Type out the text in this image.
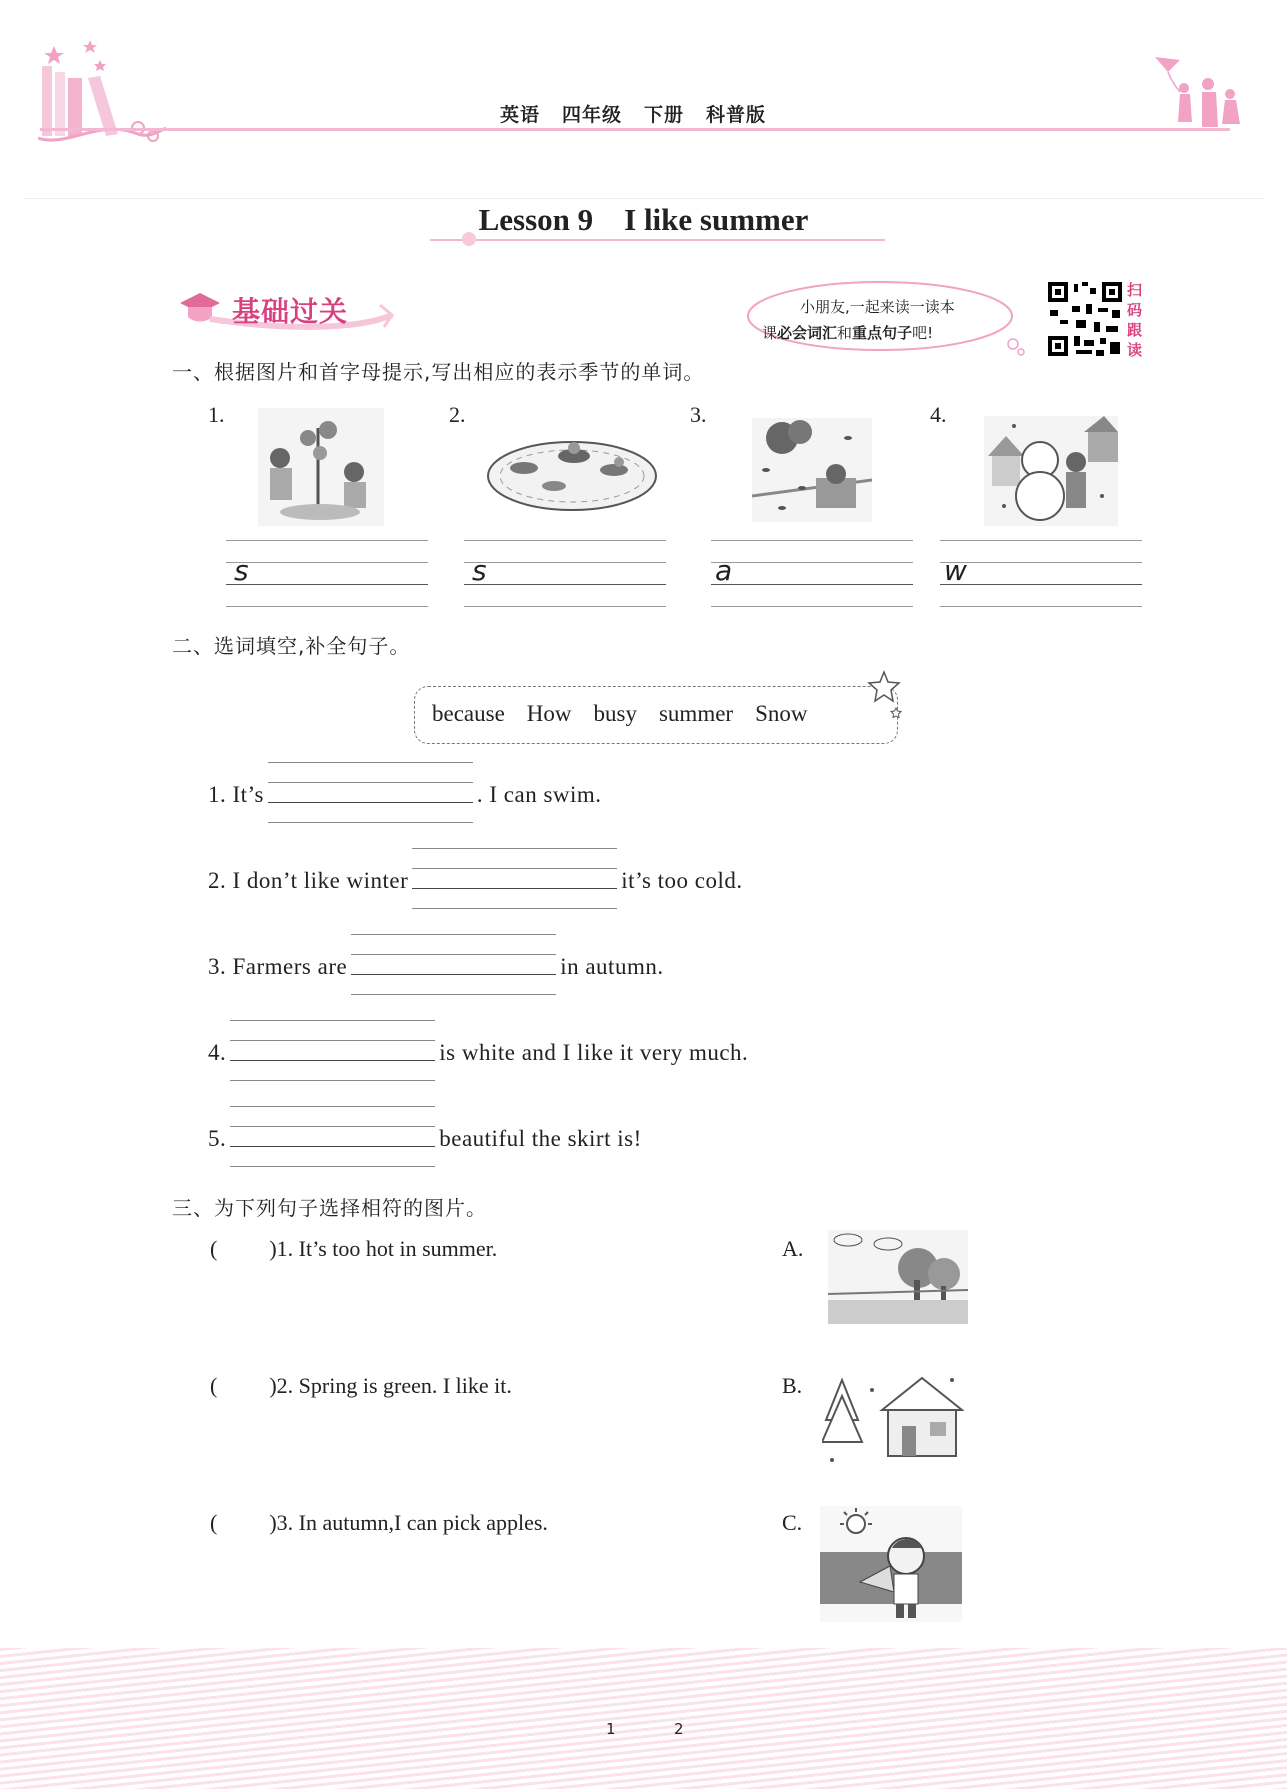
英语 四年级 下册 科普版
Lesson 9    I like summer
基础过关	小朋友,一起来读一读本
课必会词汇和重点句子吧!
扫码跟读
一、根据图片和首字母提示,写出相应的表示季节的单词。
1.	2.	3.	4.
s	s	a	w
二、选词填空,补全句子。
because How busy summer Snow
1. It’s	. I can swim.
2. I don’t like winter	it’s too cold.
3. Farmers are	in autumn.
4.	is white and I like it very much.
5.	beautiful the skirt is!
三、为下列句子选择相符的图片。
( )1. It’s too hot in summer.
( )2. Spring is green. I like it.
( )3. In autumn,I can pick apples.
A.
B.
C.
1	2
